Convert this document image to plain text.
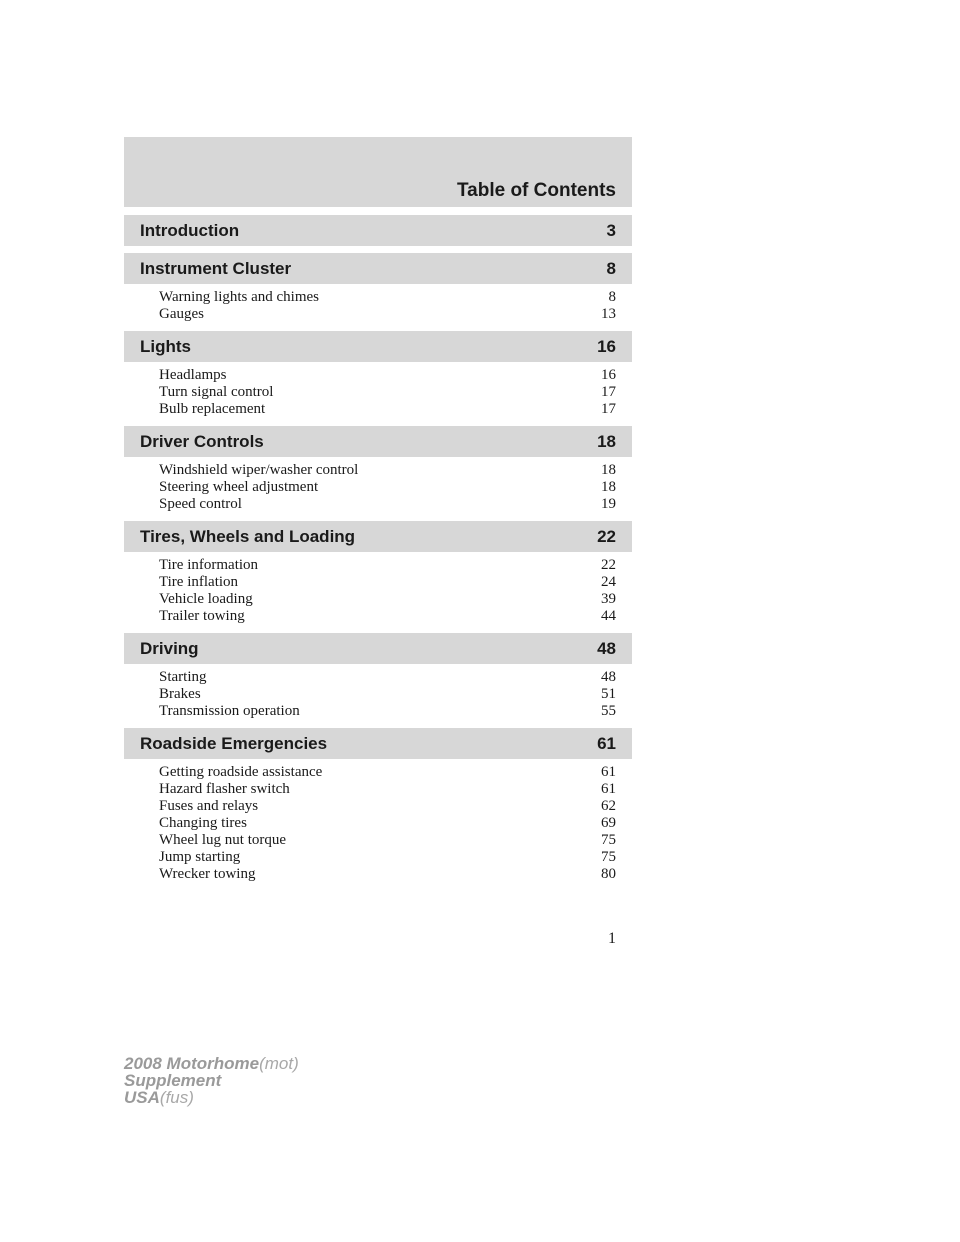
Table of Contents
Introduction	3
Instrument Cluster	8
Warning lights and chimes	8
Gauges	13
Lights	16
Headlamps	16
Turn signal control	17
Bulb replacement	17
Driver Controls	18
Windshield wiper/washer control	18
Steering wheel adjustment	18
Speed control	19
Tires, Wheels and Loading	22
Tire information	22
Tire inflation	24
Vehicle loading	39
Trailer towing	44
Driving	48
Starting	48
Brakes	51
Transmission operation	55
Roadside Emergencies	61
Getting roadside assistance	61
Hazard flasher switch	61
Fuses and relays	62
Changing tires	69
Wheel lug nut torque	75
Jump starting	75
Wrecker towing	80
1
2008 Motorhome(mot)
Supplement
USA(fus)
